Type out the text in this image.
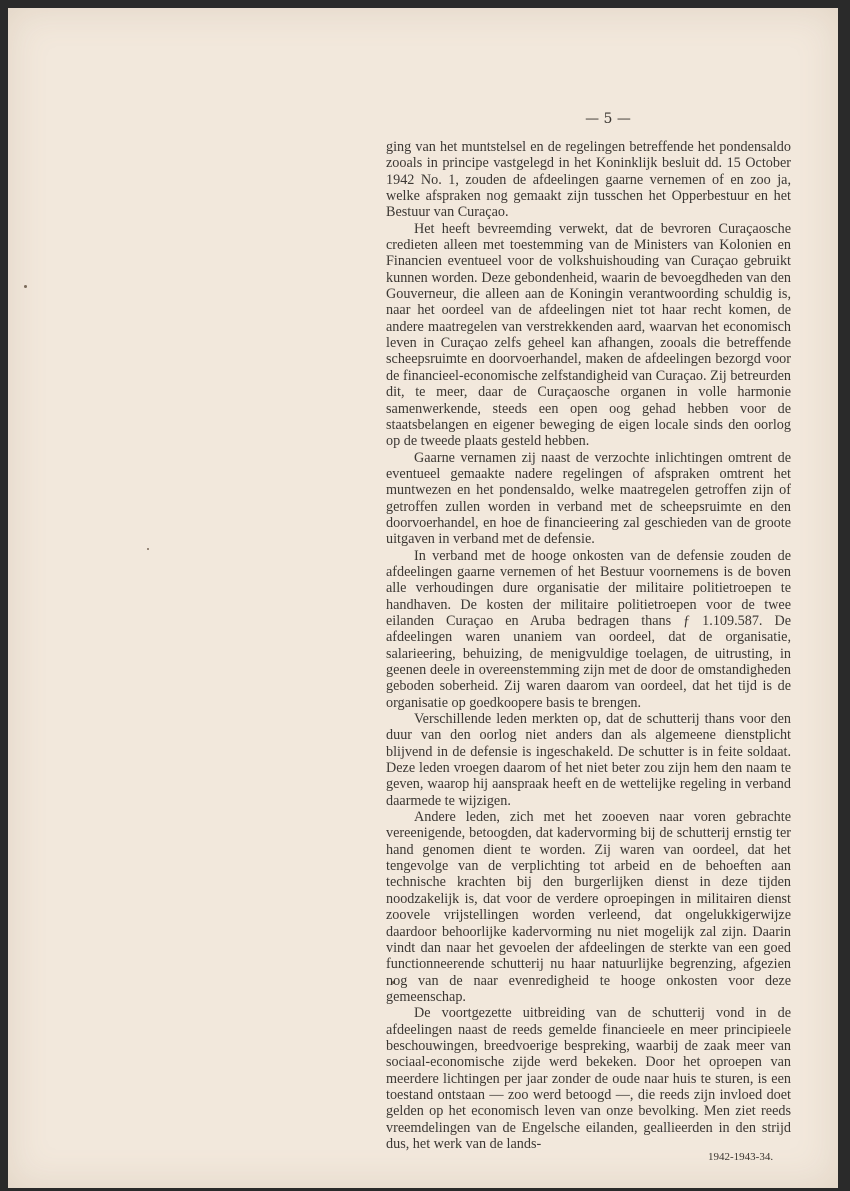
— 5 —

ging van het muntstelsel en de regelingen betreffende het pondensaldo zooals in principe vastgelegd in het Koninklijk besluit dd. 15 October 1942 No. 1, zouden de afdeelingen gaarne vernemen of en zoo ja, welke afspraken nog gemaakt zijn tusschen het Opperbestuur en het Bestuur van Curaçao.

Het heeft bevreemding verwekt, dat de bevroren Curaçaosche credieten alleen met toestemming van de Ministers van Kolonien en Financien eventueel voor de volkshuishouding van Curaçao gebruikt kunnen worden. Deze gebondenheid, waarin de bevoegdheden van den Gouverneur, die alleen aan de Koningin verantwoording schuldig is, naar het oordeel van de afdeelingen niet tot haar recht komen, de andere maatregelen van verstrekkenden aard, waarvan het economisch leven in Curaçao zelfs geheel kan afhangen, zooals die betreffende scheepsruimte en doorvoerhandel, maken de afdeelingen bezorgd voor de financieel-economische zelfstandigheid van Curaçao. Zij betreurden dit, te meer, daar de Curaçaosche organen in volle harmonie samenwerkende, steeds een open oog gehad hebben voor de staatsbelangen en eigener beweging de eigen locale sinds den oorlog op de tweede plaats gesteld hebben.

Gaarne vernamen zij naast de verzochte inlichtingen omtrent de eventueel gemaakte nadere regelingen of afspraken omtrent het muntwezen en het pondensaldo, welke maatregelen getroffen zijn of getroffen zullen worden in verband met de scheepsruimte en den doorvoerhandel, en hoe de financieering zal geschieden van de groote uitgaven in verband met de defensie.

In verband met de hooge onkosten van de defensie zouden de afdeelingen gaarne vernemen of het Bestuur voornemens is de boven alle verhoudingen dure organisatie der militaire politietroepen te handhaven. De kosten der militaire politietroepen voor de twee eilanden Curaçao en Aruba bedragen thans ƒ 1.109.587. De afdeelingen waren unaniem van oordeel, dat de organisatie, salarieering, behuizing, de menigvuldige toelagen, de uitrusting, in geenen deele in overeenstemming zijn met de door de omstandigheden geboden soberheid. Zij waren daarom van oordeel, dat het tijd is de organisatie op goedkoopere basis te brengen.

Verschillende leden merkten op, dat de schutterij thans voor den duur van den oorlog niet anders dan als algemeene dienstplicht blijvend in de defensie is ingeschakeld. De schutter is in feite soldaat. Deze leden vroegen daarom of het niet beter zou zijn hem den naam te geven, waarop hij aanspraak heeft en de wettelijke regeling in verband daarmede te wijzigen.

Andere leden, zich met het zooeven naar voren gebrachte vereenigende, betoogden, dat kadervorming bij de schutterij ernstig ter hand genomen dient te worden. Zij waren van oordeel, dat het tengevolge van de verplichting tot arbeid en de behoeften aan technische krachten bij den burgerlijken dienst in deze tijden noodzakelijk is, dat voor de verdere oproepingen in militairen dienst zoovele vrijstellingen worden verleend, dat ongelukkigerwijze daardoor behoorlijke kadervorming nu niet mogelijk zal zijn. Daarin vindt dan naar het gevoelen der afdeelingen de sterkte van een goed functionneerende schutterij nu haar natuurlijke begrenzing, afgezien nog van de naar evenredigheid te hooge onkosten voor deze gemeenschap.

De voortgezette uitbreiding van de schutterij vond in de afdeelingen naast de reeds gemelde financieele en meer principieele beschouwingen, breedvoerige bespreking, waarbij de zaak meer van sociaal-economische zijde werd bekeken. Door het oproepen van meerdere lichtingen per jaar zonder de oude naar huis te sturen, is een toestand ontstaan — zoo werd betoogd —, die reeds zijn invloed doet gelden op het economisch leven van onze bevolking. Men ziet reeds vreemdelingen van de Engelsche eilanden, geallieerden in den strijd dus, het werk van de lands-

1942-1943-34.
